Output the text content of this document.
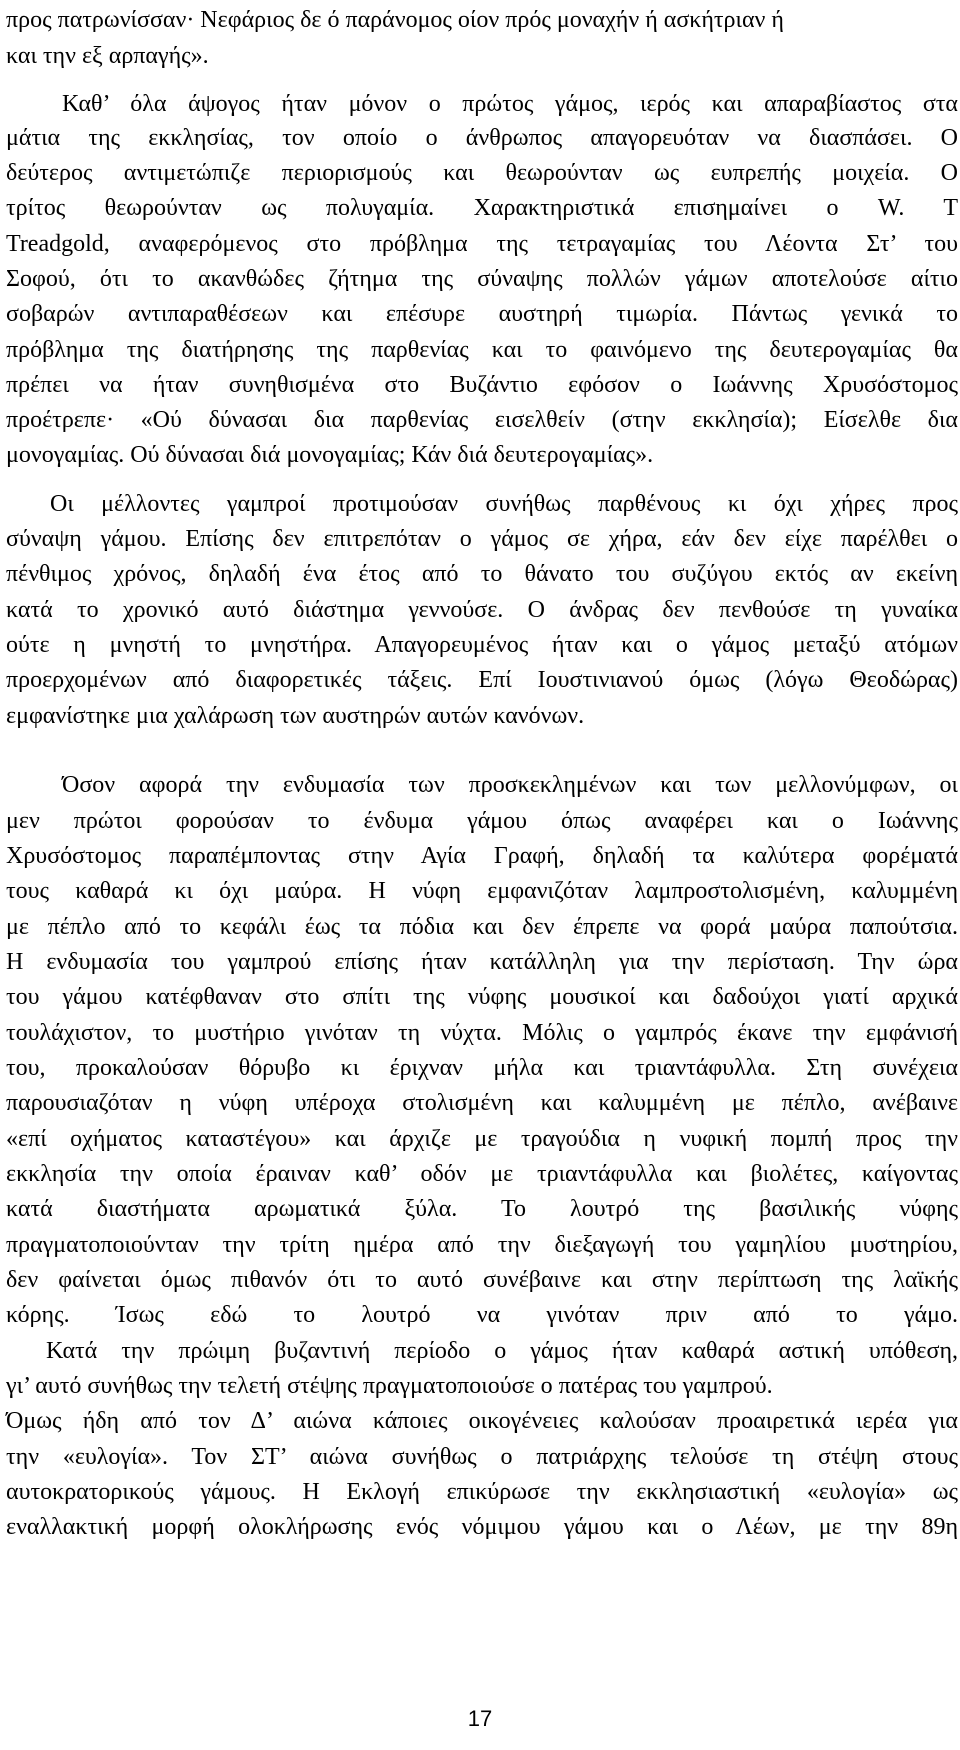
προς πατρωνίσσαν· Νεφάριος δε ό παράνομος οίον πρός μοναχήν ή ασκήτριαν ή
και την εξ αρπαγής».
Καθ’ όλα άψογος ήταν μόνον ο πρώτος γάμος, ιερός και απαραβίαστος στα
μάτια της εκκλησίας, τον οποίο ο άνθρωπος απαγορευόταν να διασπάσει. Ο
δεύτερος αντιμετώπιζε περιορισμούς και θεωρούνταν ως ευπρεπής μοιχεία. Ο
τρίτος θεωρούνταν ως πολυγαμία. Χαρακτηριστικά επισημαίνει ο W. T
Treadgold, αναφερόμενος στο πρόβλημα της τετραγαμίας του Λέοντα Στ’ του
Σοφού, ότι το ακανθώδες ζήτημα της σύναψης πολλών γάμων αποτελούσε αίτιο
σοβαρών αντιπαραθέσεων και επέσυρε αυστηρή τιμωρία. Πάντως γενικά το
πρόβλημα της διατήρησης της παρθενίας και το φαινόμενο της δευτερογαμίας θα
πρέπει να ήταν συνηθισμένα στο Βυζάντιο εφόσον ο Ιωάννης Χρυσόστομος
προέτρεπε· «Ού δύνασαι δια παρθενίας εισελθείν (στην εκκλησία); Είσελθε δια
μονογαμίας. Ού δύνασαι διά μονογαμίας; Κάν διά δευτερογαμίας».
Οι μέλλοντες γαμπροί προτιμούσαν συνήθως παρθένους κι όχι χήρες προς
σύναψη γάμου. Επίσης δεν επιτρεπόταν ο γάμος σε χήρα, εάν δεν είχε παρέλθει ο
πένθιμος χρόνος, δηλαδή ένα έτος από το θάνατο του συζύγου εκτός αν εκείνη
κατά το χρονικό αυτό διάστημα γεννούσε. Ο άνδρας δεν πενθούσε τη γυναίκα
ούτε η μνηστή το μνηστήρα. Απαγορευμένος ήταν και ο γάμος μεταξύ ατόμων
προερχομένων από διαφορετικές τάξεις. Επί Ιουστινιανού όμως (λόγω Θεοδώρας)
εμφανίστηκε μια χαλάρωση των αυστηρών αυτών κανόνων.
Όσον αφορά την ενδυμασία των προσκεκλημένων και των μελλονύμφων, οι
μεν πρώτοι φορούσαν το ένδυμα γάμου όπως αναφέρει και ο Ιωάννης
Χρυσόστομος παραπέμποντας στην Αγία Γραφή, δηλαδή τα καλύτερα φορέματά
τους καθαρά κι όχι μαύρα. Η νύφη εμφανιζόταν λαμπροστολισμένη, καλυμμένη
με πέπλο από το κεφάλι έως τα πόδια και δεν έπρεπε να φορά μαύρα παπούτσια.
Η ενδυμασία του γαμπρού επίσης ήταν κατάλληλη για την περίσταση. Την ώρα
του γάμου κατέφθαναν στο σπίτι της νύφης μουσικοί και δαδούχοι γιατί αρχικά
τουλάχιστον, το μυστήριο γινόταν τη νύχτα. Μόλις ο γαμπρός έκανε την εμφάνισή
του, προκαλούσαν θόρυβο κι έριχναν μήλα και τριαντάφυλλα. Στη συνέχεια
παρουσιαζόταν η νύφη υπέροχα στολισμένη και καλυμμένη με πέπλο, ανέβαινε
«επί οχήματος καταστέγου» και άρχιζε με τραγούδια η νυφική πομπή προς την
εκκλησία την οποία έραιναν καθ’ οδόν με τριαντάφυλλα και βιολέτες, καίγοντας
κατά διαστήματα αρωματικά ξύλα. Το λουτρό της βασιλικής νύφης
πραγματοποιούνταν την τρίτη ημέρα από την διεξαγωγή του γαμηλίου μυστηρίου,
δεν φαίνεται όμως πιθανόν ότι το αυτό συνέβαινε και στην περίπτωση της λαϊκής
κόρης. Ίσως εδώ το λουτρό να γινόταν πριν από το γάμο.
Κατά την πρώιμη βυζαντινή περίοδο ο γάμος ήταν καθαρά αστική υπόθεση,
γι’ αυτό συνήθως την τελετή στέψης πραγματοποιούσε ο πατέρας του γαμπρού.
Όμως ήδη από τον Δ’ αιώνα κάποιες οικογένειες καλούσαν προαιρετικά ιερέα για
την «ευλογία». Τον ΣΤ’ αιώνα συνήθως ο πατριάρχης τελούσε τη στέψη στους
αυτοκρατορικούς γάμους. Η Εκλογή επικύρωσε την εκκλησιαστική «ευλογία» ως
εναλλακτική μορφή ολοκλήρωσης ενός νόμιμου γάμου και ο Λέων, με την 89η
17
